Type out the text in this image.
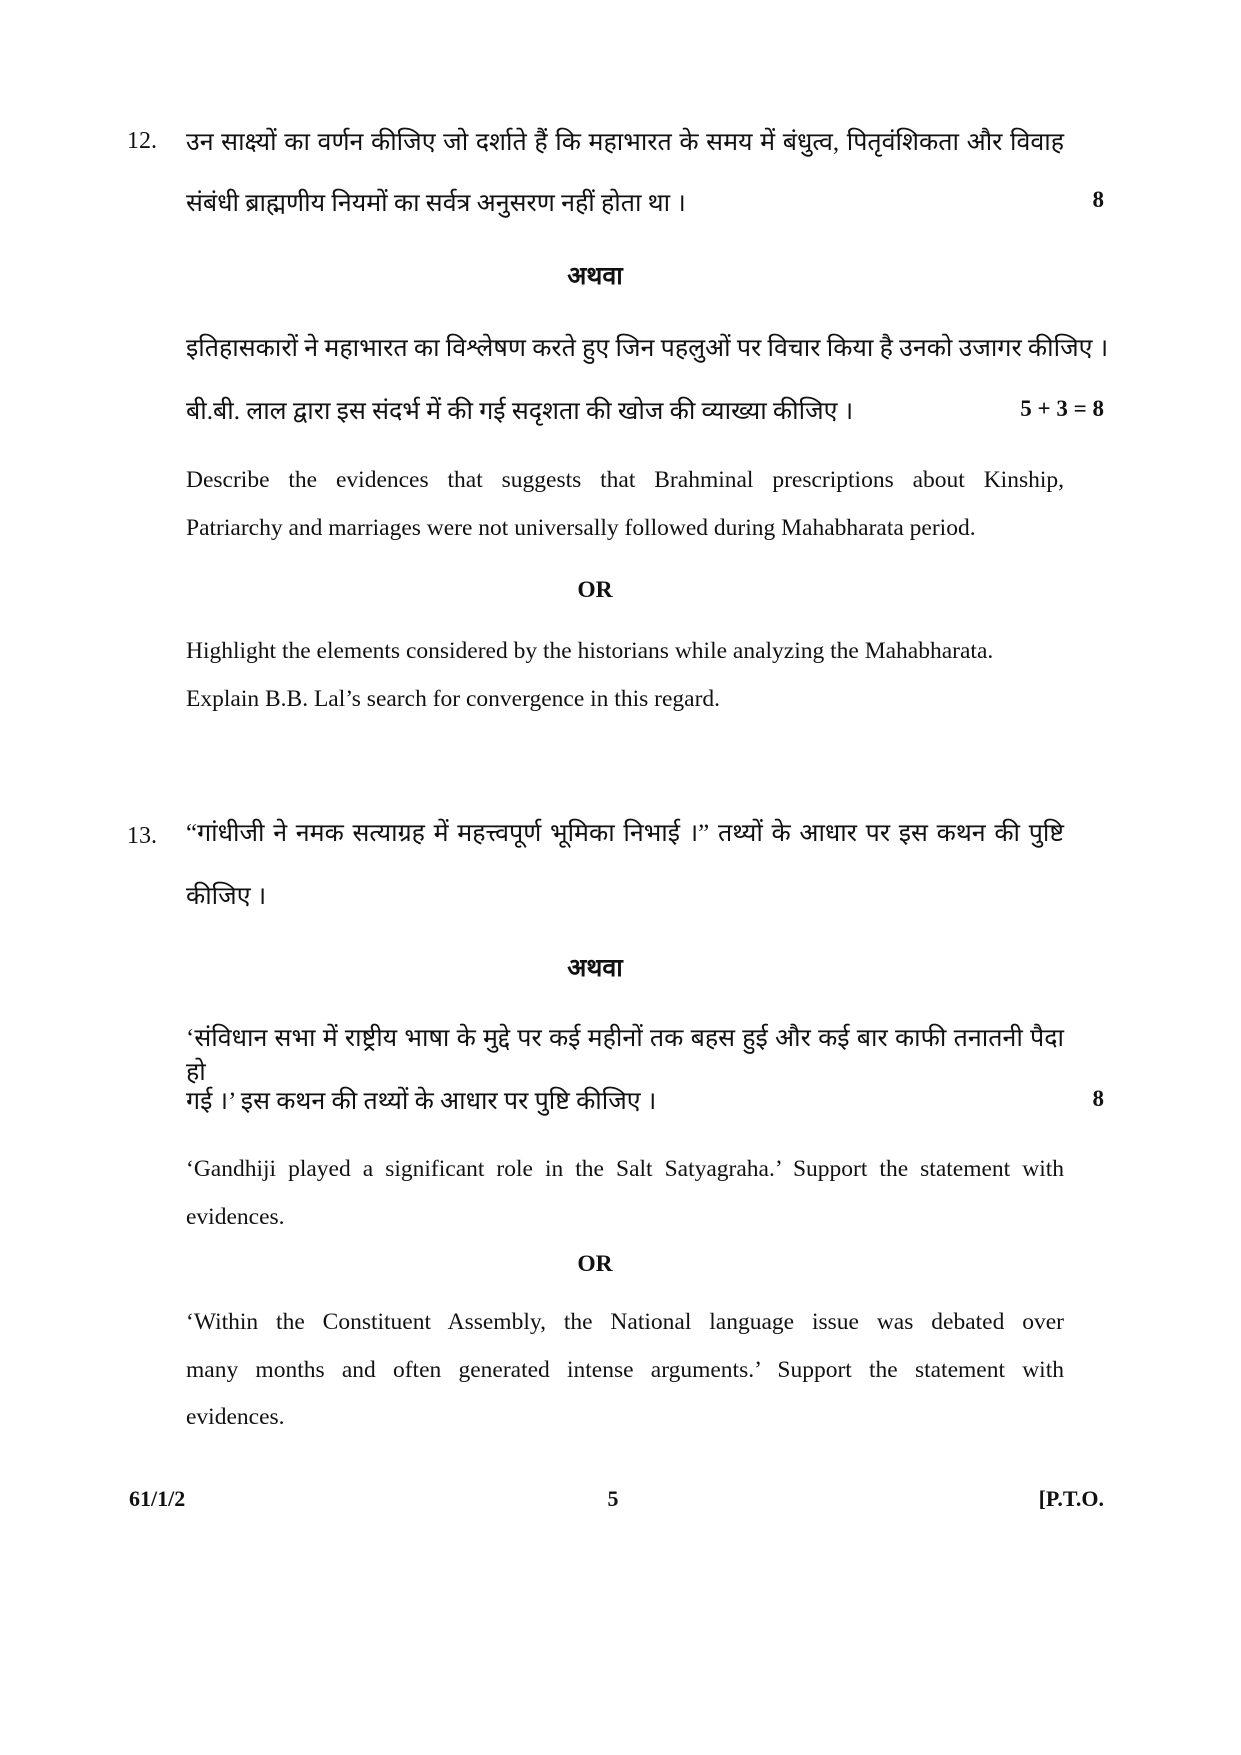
12. उन साक्ष्यों का वर्णन कीजिए जो दर्शाते हैं कि महाभारत के समय में बंधुत्व, पितृवंशिकता और विवाह
संबंधी ब्राह्मणीय नियमों का सर्वत्र अनुसरण नहीं होता था ।	8
अथवा
इतिहासकारों ने महाभारत का विश्लेषण करते हुए जिन पहलुओं पर विचार किया है उनको उजागर कीजिए ।
बी.बी. लाल द्वारा इस संदर्भ में की गई सदृशता की खोज की व्याख्या कीजिए ।	5 + 3 = 8
Describe the evidences that suggests that Brahminal prescriptions about Kinship,
Patriarchy and marriages were not universally followed during Mahabharata period.
OR
Highlight the elements considered by the historians while analyzing the Mahabharata.
Explain B.B. Lal’s search for convergence in this regard.
13. “गांधीजी ने नमक सत्याग्रह में महत्त्वपूर्ण भूमिका निभाई ।” तथ्यों के आधार पर इस कथन की पुष्टि
कीजिए ।
अथवा
‘संविधान सभा में राष्ट्रीय भाषा के मुद्दे पर कई महीनों तक बहस हुई और कई बार काफी तनातनी पैदा हो
गई ।’ इस कथन की तथ्यों के आधार पर पुष्टि कीजिए ।	8
‘Gandhiji played a significant role in the Salt Satyagraha.’ Support the statement with
evidences.
OR
‘Within the Constituent Assembly, the National language issue was debated over
many months and often generated intense arguments.’ Support the statement with
evidences.
61/1/2	5	[P.T.O.
